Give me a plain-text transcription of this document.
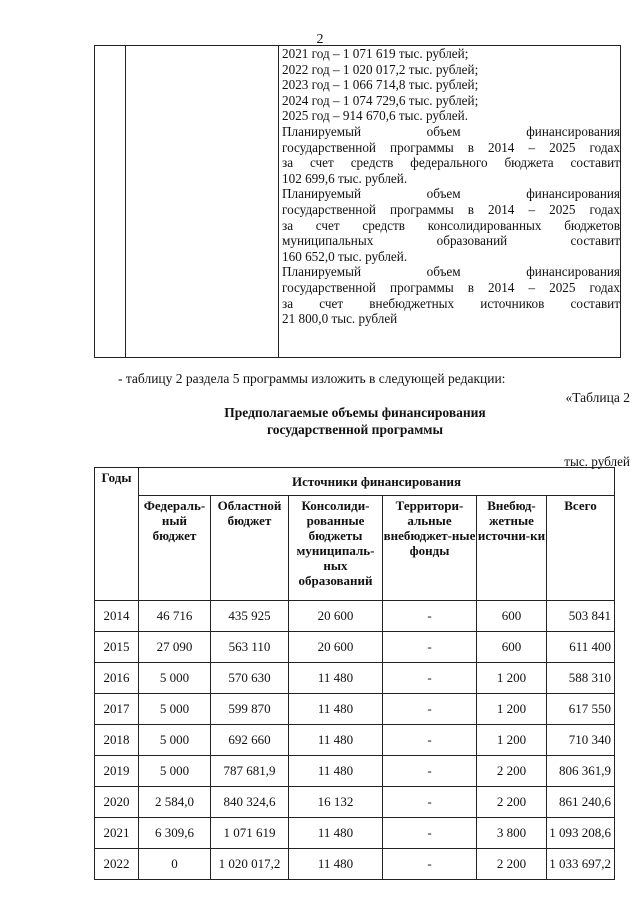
2

2021 год – 1 071 619 тыс. рублей;
2022 год – 1 020 017,2 тыс. рублей;
2023 год – 1 066 714,8 тыс. рублей;
2024 год – 1 074 729,6 тыс. рублей;
2025 год – 914 670,6 тыс. рублей.
Планируемый объем финансирования
государственной программы в 2014 – 2025 годах
за счет средств федерального бюджета составит
102 699,6 тыс. рублей.
Планируемый объем финансирования
государственной программы в 2014 – 2025 годах
за счет средств консолидированных бюджетов
муниципальных образований составит
160 652,0 тыс. рублей.
Планируемый объем финансирования
государственной программы в 2014 – 2025 годах
за счет внебюджетных источников составит
21 800,0 тыс. рублей
- таблицу 2 раздела 5 программы изложить в следующей редакции:
«Таблица 2
Предполагаемые объемы финансирования
государственной программы
тыс. рублей
Годы	Источники финансирования					
	Федераль-ный бюджет	Областной бюджет	Консолиди-рованные бюджеты муниципаль-ных образований	Территори-альные внебюджет-ные фонды	Внебюд-жетные источни-ки	Всего
2014	46 716	435 925	20 600	-	600	503 841
2015	27 090	563 110	20 600	-	600	611 400
2016	5 000	570 630	11 480	-	1 200	588 310
2017	5 000	599 870	11 480	-	1 200	617 550
2018	5 000	692 660	11 480	-	1 200	710 340
2019	5 000	787 681,9	11 480	-	2 200	806 361,9
2020	2 584,0	840 324,6	16 132	-	2 200	861 240,6
2021	6 309,6	1 071 619	11 480	-	3 800	1 093 208,6
2022	0	1 020 017,2	11 480	-	2 200	1 033 697,2
